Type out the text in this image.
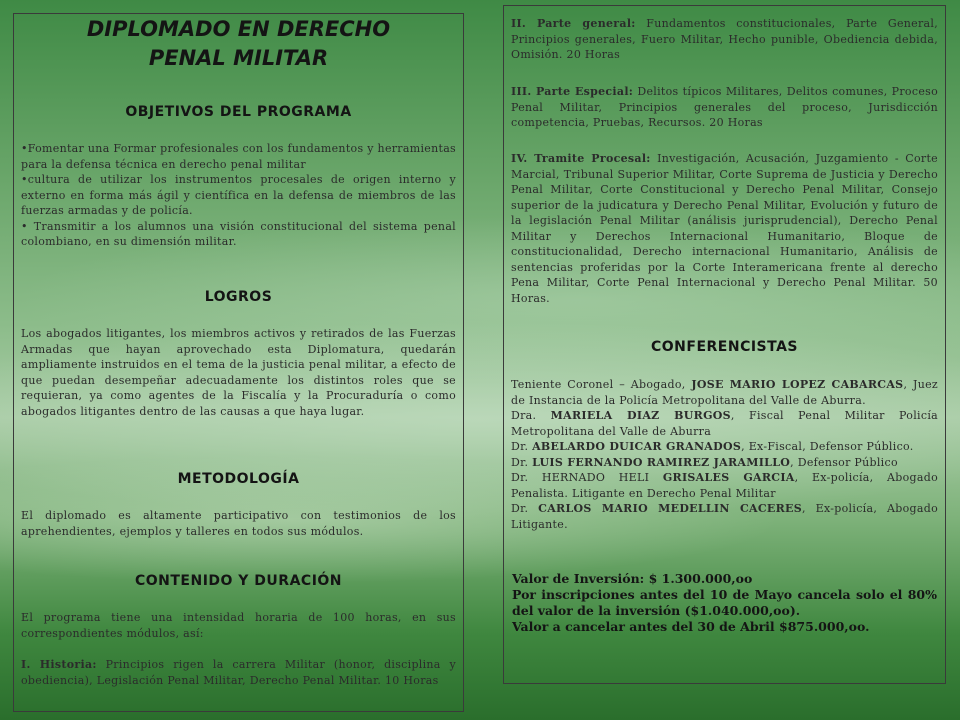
DIPLOMADO EN DERECHO
PENAL MILITAR
OBJETIVOS DEL PROGRAMA
•Fomentar una Formar profesionales con los fundamentos y herramientas para la defensa técnica en derecho penal militar
•cultura de utilizar los instrumentos procesales de origen interno y externo en forma más ágil y científica en la defensa de miembros de las fuerzas armadas y de policía.
• Transmitir a los alumnos una visión constitucional del sistema penal colombiano, en su dimensión militar.
LOGROS
Los abogados litigantes, los miembros activos y retirados de las Fuerzas Armadas que hayan aprovechado esta Diplomatura, quedarán ampliamente instruidos en el tema de la justicia penal militar, a efecto de que puedan desempeñar adecuadamente los distintos roles que se requieran, ya como agentes de la Fiscalía y la Procuraduría o como abogados litigantes dentro de las causas a que haya lugar.
METODOLOGÍA
El diplomado es altamente participativo con testimonios de los aprehendientes, ejemplos y talleres en todos sus módulos.
CONTENIDO Y DURACIÓN
El programa tiene una intensidad horaria de 100 horas, en sus correspondientes módulos, así:
I. Historia: Principios rigen la carrera Militar (honor, disciplina y obediencia), Legislación Penal Militar, Derecho Penal Militar. 10 Horas
II. Parte general: Fundamentos constitucionales, Parte General, Principios generales, Fuero Militar, Hecho punible, Obediencia debida, Omisión. 20 Horas
III. Parte Especial: Delitos típicos Militares, Delitos comunes, Proceso Penal Militar, Principios generales del proceso, Jurisdicción competencia, Pruebas, Recursos. 20 Horas
IV. Tramite Procesal: Investigación, Acusación, Juzgamiento - Corte Marcial, Tribunal Superior Militar, Corte Suprema de Justicia y Derecho Penal Militar, Corte Constitucional y Derecho Penal Militar, Consejo superior de la judicatura y Derecho Penal Militar, Evolución y futuro de la legislación Penal Militar (análisis jurisprudencial), Derecho Penal Militar y Derechos Internacional Humanitario, Bloque de constitucionalidad, Derecho internacional Humanitario, Análisis de sentencias proferidas por la Corte Interamericana frente al derecho Pena Militar, Corte Penal Internacional y Derecho Penal Militar. 50 Horas.
CONFERENCISTAS
Teniente Coronel – Abogado, JOSE MARIO LOPEZ CABARCAS, Juez de Instancia de la Policía Metropolitana del Valle de Aburra.
Dra. MARIELA DIAZ BURGOS, Fiscal Penal Militar Policía Metropolitana del Valle de Aburra
Dr. ABELARDO DUICAR GRANADOS, Ex-Fiscal, Defensor Público.
Dr. LUIS FERNANDO RAMIREZ JARAMILLO, Defensor Público
Dr. HERNADO HELI GRISALES GARCIA, Ex-policía, Abogado Penalista. Litigante en Derecho Penal Militar
Dr. CARLOS MARIO MEDELLIN CACERES, Ex-policía, Abogado Litigante.
Valor de Inversión: $ 1.300.000,oo
Por inscripciones antes del 10 de Mayo cancela solo el 80% del valor de la inversión ($1.040.000,oo).
Valor a cancelar antes del 30 de Abril $875.000,oo.
